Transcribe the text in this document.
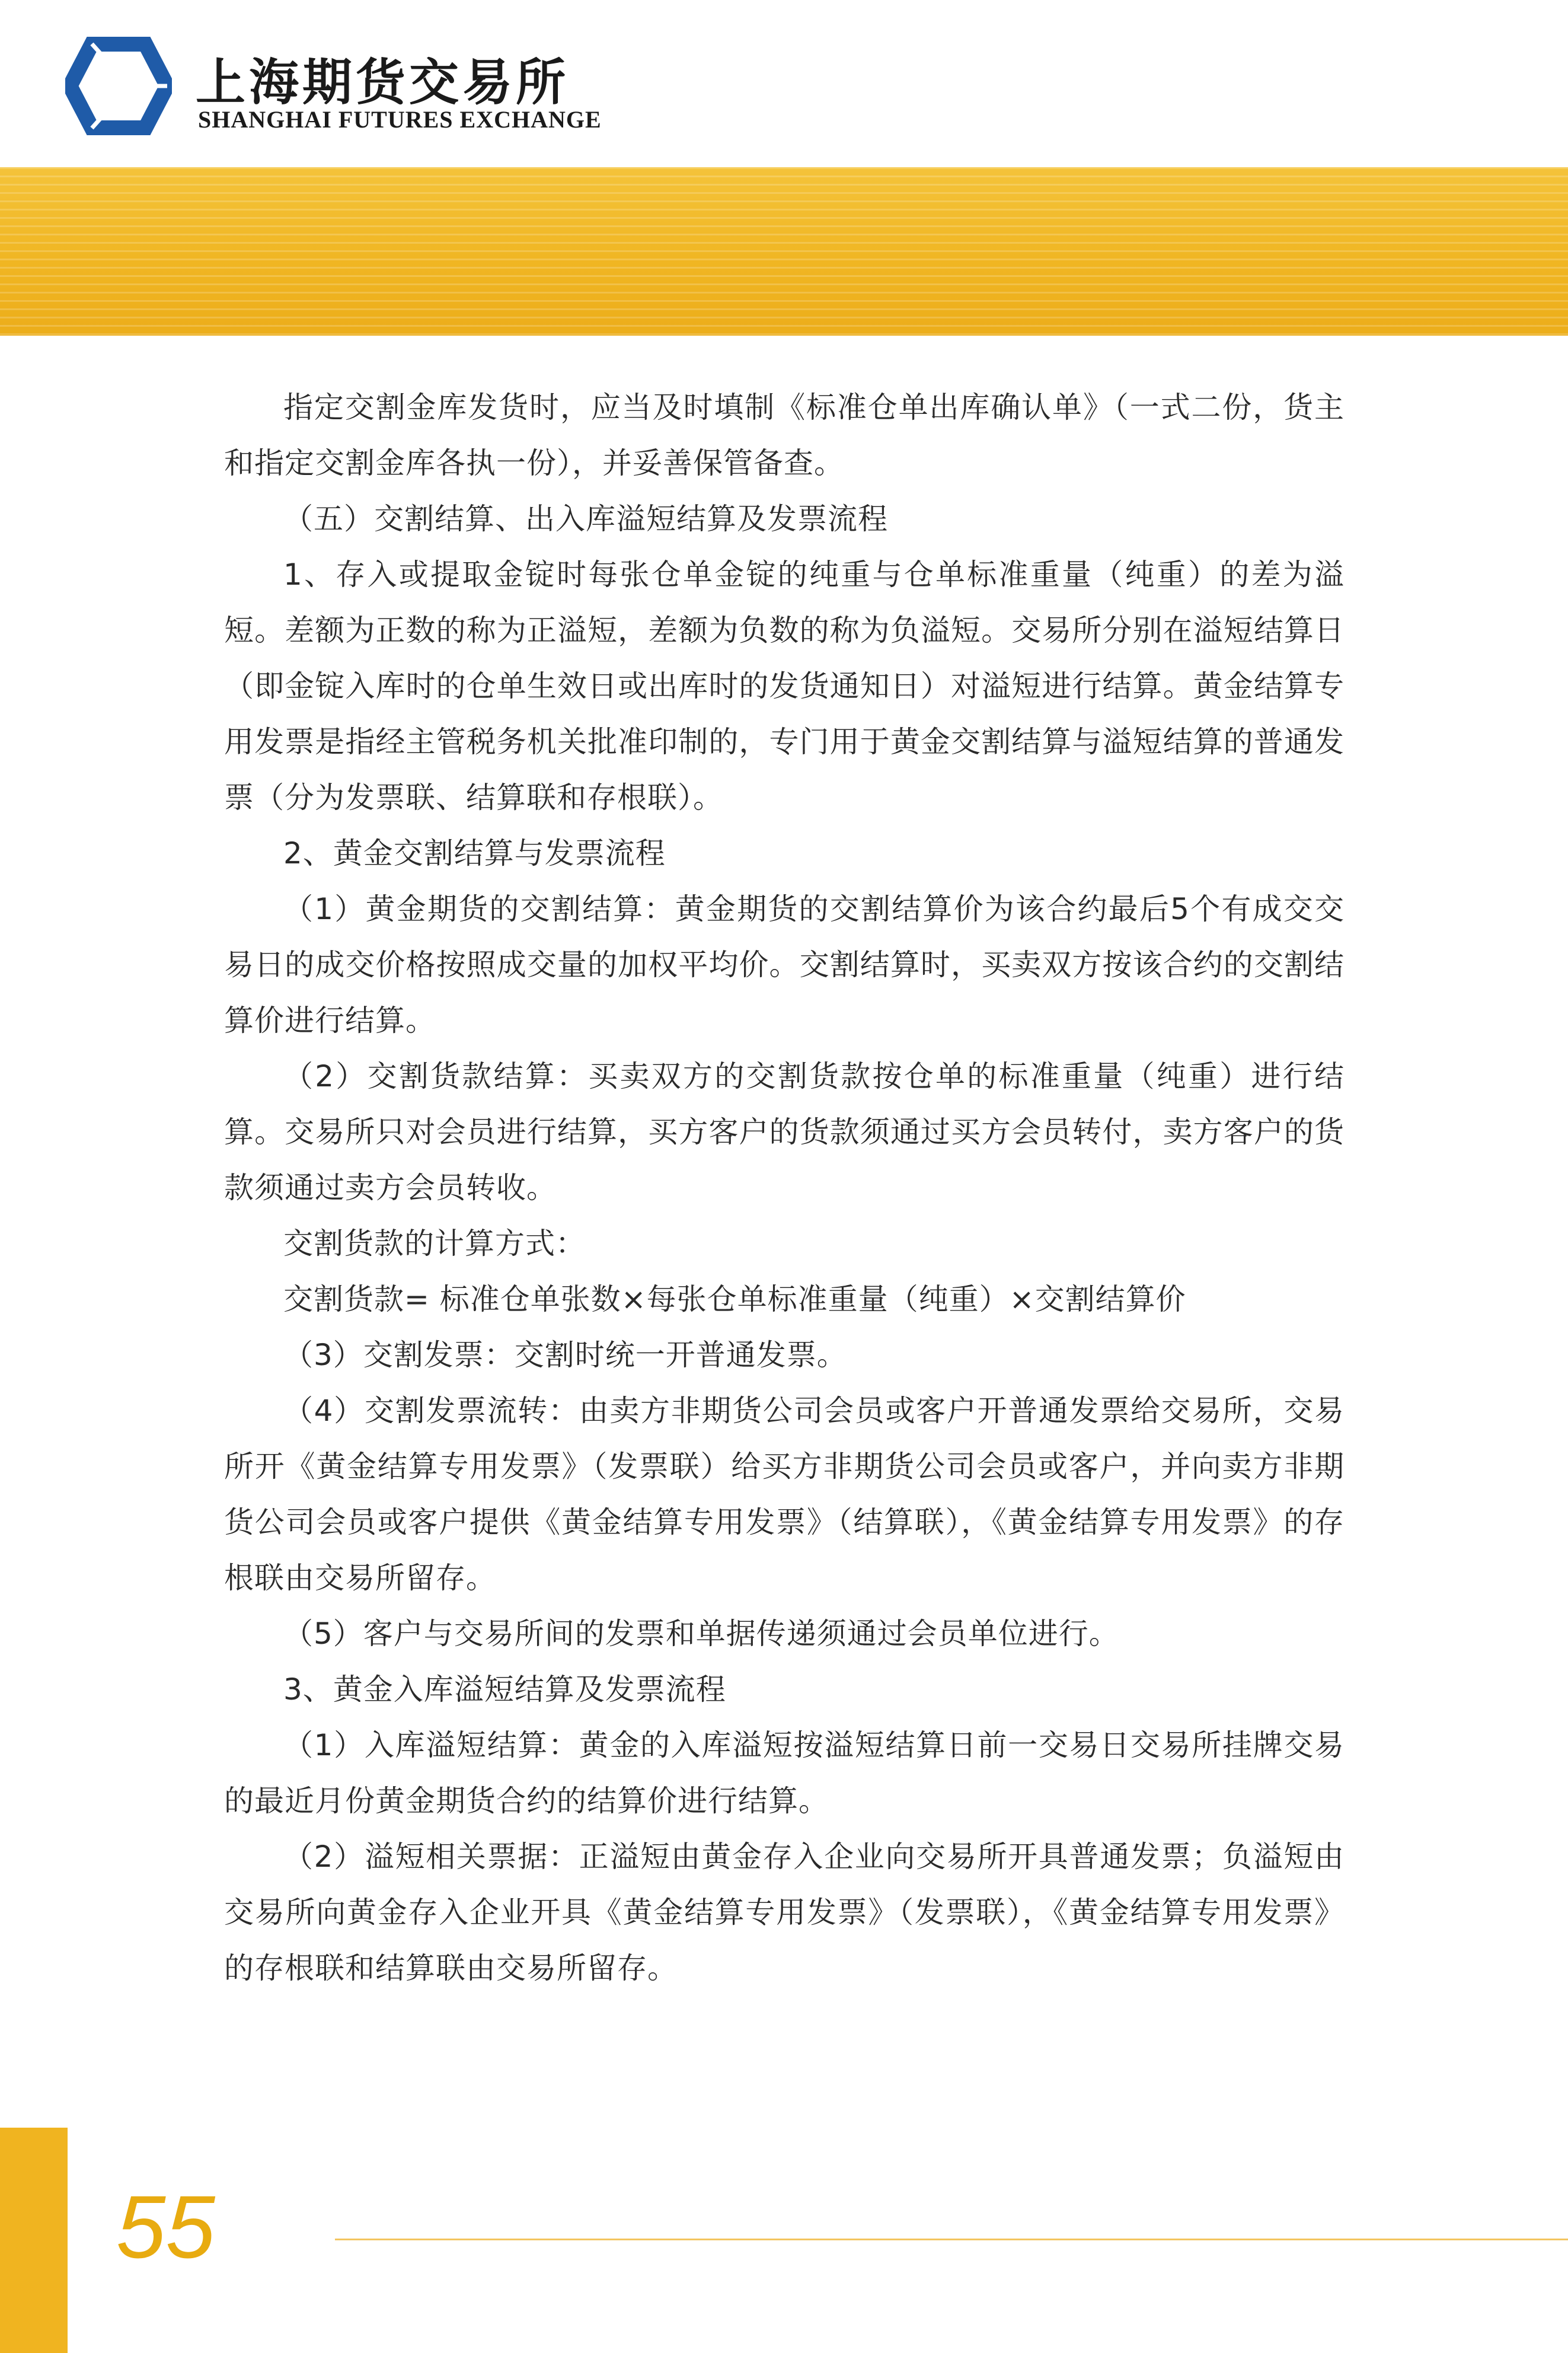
上海期货交易所
SHANGHAI FUTURES EXCHANGE

指定交割金库发货时，应当及时填制《标准仓单出库确认单》（一式二份，货主和指定交割金库各执一份），并妥善保管备查。

（五）交割结算、出入库溢短结算及发票流程

1、存入或提取金锭时每张仓单金锭的纯重与仓单标准重量（纯重）的差为溢短。差额为正数的称为正溢短，差额为负数的称为负溢短。交易所分别在溢短结算日（即金锭入库时的仓单生效日或出库时的发货通知日）对溢短进行结算。黄金结算专用发票是指经主管税务机关批准印制的，专门用于黄金交割结算与溢短结算的普通发票（分为发票联、结算联和存根联）。

2、黄金交割结算与发票流程

（1）黄金期货的交割结算：黄金期货的交割结算价为该合约最后5个有成交交易日的成交价格按照成交量的加权平均价。交割结算时，买卖双方按该合约的交割结算价进行结算。

（2）交割货款结算：买卖双方的交割货款按仓单的标准重量（纯重）进行结算。交易所只对会员进行结算，买方客户的货款须通过买方会员转付，卖方客户的货款须通过卖方会员转收。

交割货款的计算方式：

交割货款= 标准仓单张数×每张仓单标准重量（纯重）×交割结算价

（3）交割发票：交割时统一开普通发票。

（4）交割发票流转：由卖方非期货公司会员或客户开普通发票给交易所，交易所开《黄金结算专用发票》（发票联）给买方非期货公司会员或客户，并向卖方非期货公司会员或客户提供《黄金结算专用发票》（结算联），《黄金结算专用发票》的存根联由交易所留存。

（5）客户与交易所间的发票和单据传递须通过会员单位进行。

3、黄金入库溢短结算及发票流程

（1）入库溢短结算：黄金的入库溢短按溢短结算日前一交易日交易所挂牌交易的最近月份黄金期货合约的结算价进行结算。

（2）溢短相关票据：正溢短由黄金存入企业向交易所开具普通发票；负溢短由交易所向黄金存入企业开具《黄金结算专用发票》（发票联），《黄金结算专用发票》的存根联和结算联由交易所留存。

55
